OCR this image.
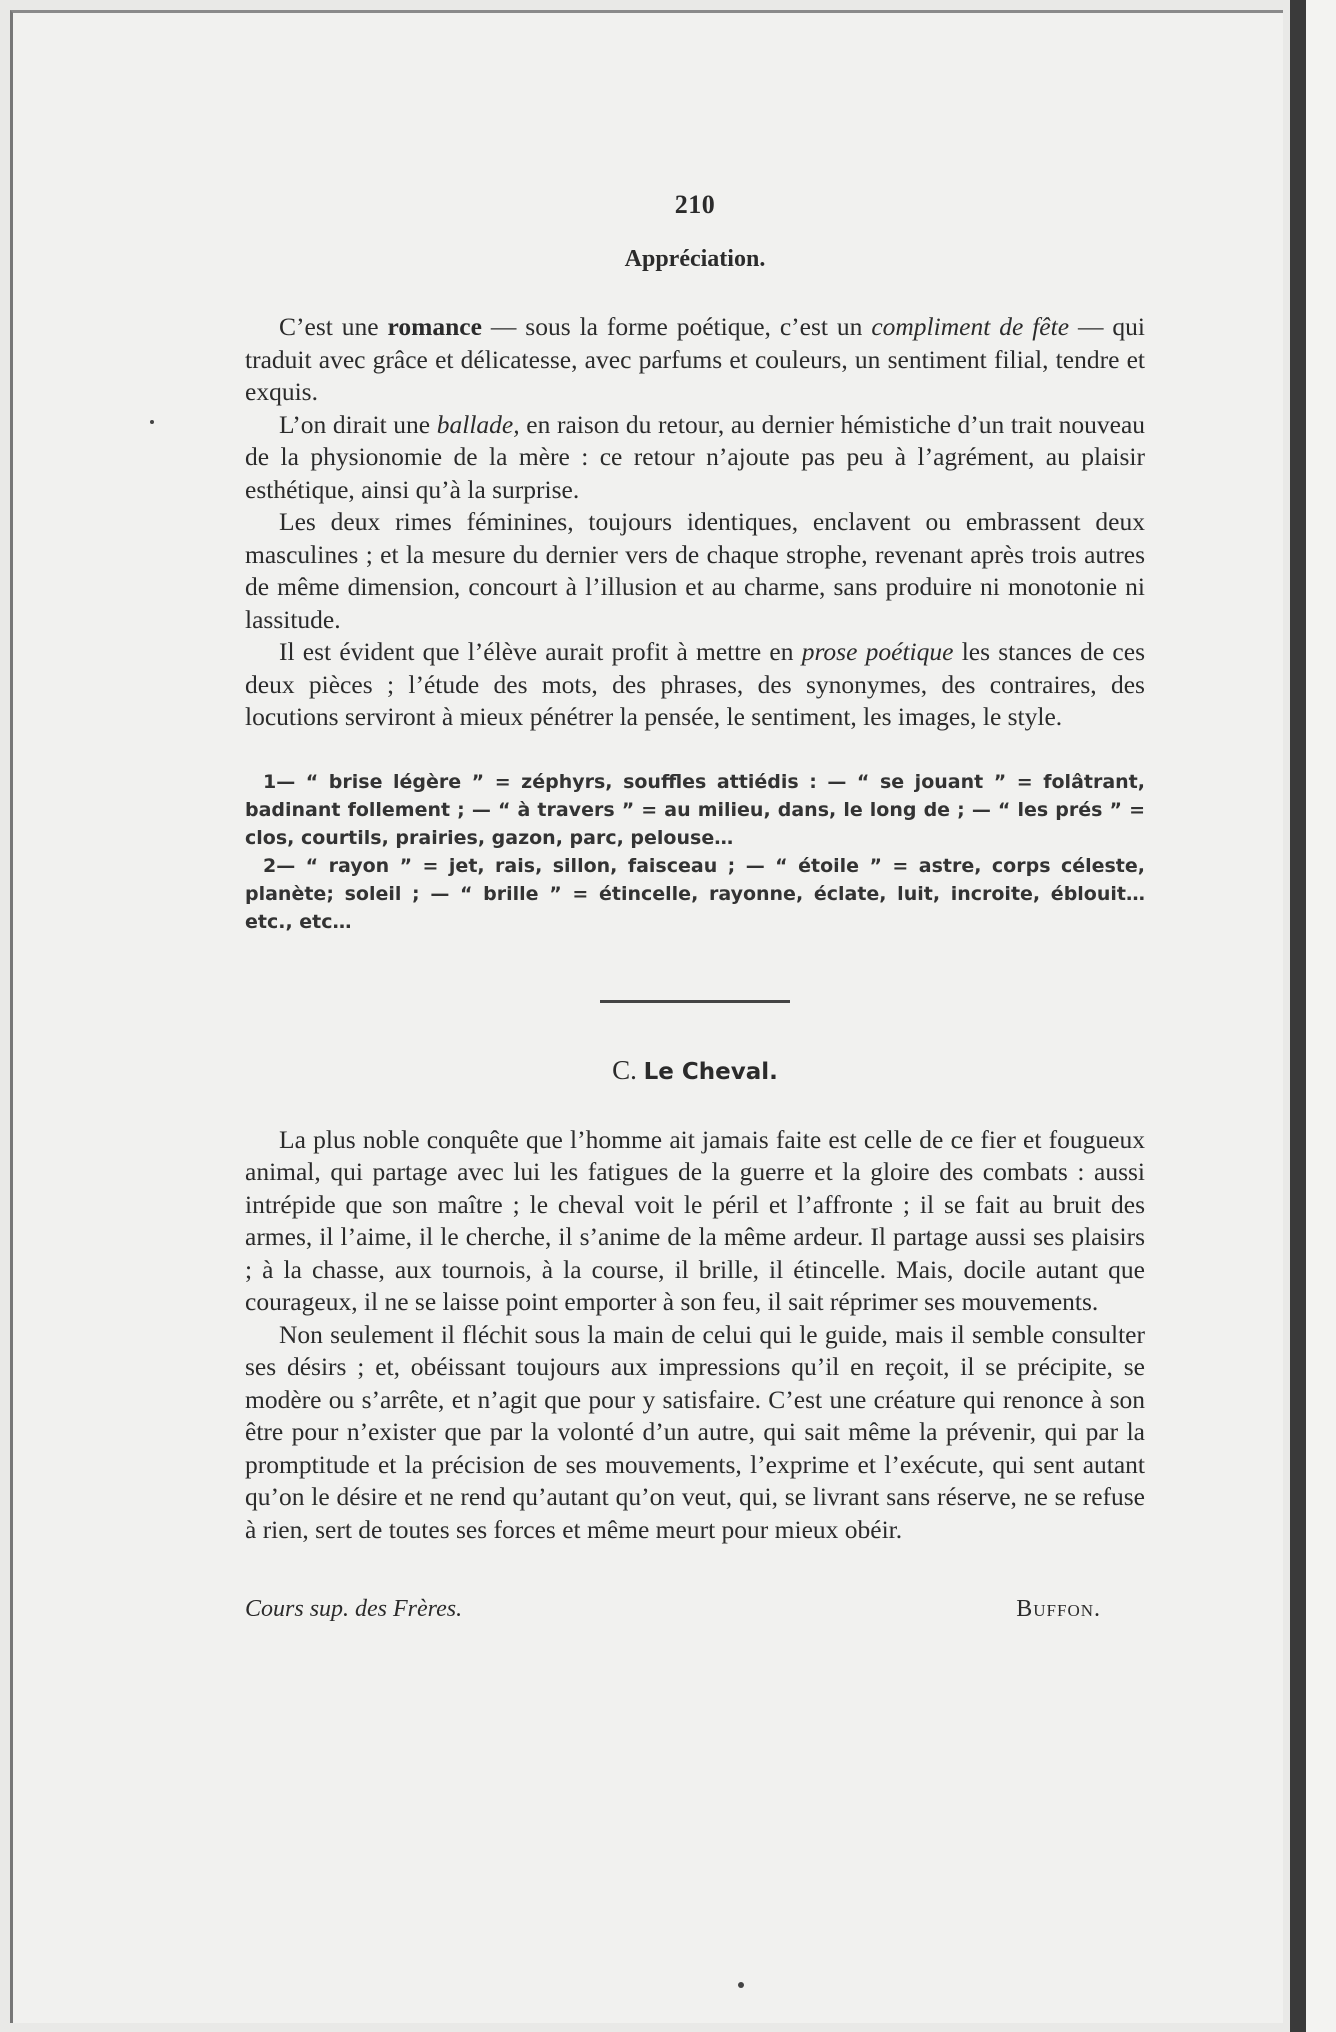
210
Appréciation.

C’est une romance — sous la forme poétique, c’est un compliment de fête — qui traduit avec grâce et délicatesse, avec parfums et couleurs, un sentiment filial, tendre et exquis.

L’on dirait une ballade, en raison du retour, au dernier hémistiche d’un trait nouveau de la physionomie de la mère : ce retour n’ajoute pas peu à l’agrément, au plaisir esthétique, ainsi qu’à la surprise.

Les deux rimes féminines, toujours identiques, enclavent ou embrassent deux masculines ; et la mesure du dernier vers de chaque strophe, revenant après trois autres de même dimension, concourt à l’illusion et au charme, sans produire ni monotonie ni lassitude.

Il est évident que l’élève aurait profit à mettre en prose poétique les stances de ces deux pièces ; l’étude des mots, des phrases, des synonymes, des contraires, des locutions serviront à mieux pénétrer la pensée, le sentiment, les images, le style.

1— “ brise légère ” = zéphyrs, souffles attiédis : — “ se jouant ” = folâtrant, badinant follement ; — “ à travers ” = au milieu, dans, le long de ; — “ les prés ” = clos, courtils, prairies, gazon, parc, pelouse…

2— “ rayon ” = jet, rais, sillon, faisceau ; — “ étoile ” = astre, corps céleste, planète; soleil ; — “ brille ” = étincelle, rayonne, éclate, luit, incroite, éblouit… etc., etc…

C. Le Cheval.

La plus noble conquête que l’homme ait jamais faite est celle de ce fier et fougueux animal, qui partage avec lui les fatigues de la guerre et la gloire des combats : aussi intrépide que son maître ; le cheval voit le péril et l’affronte ; il se fait au bruit des armes, il l’aime, il le cherche, il s’anime de la même ardeur. Il partage aussi ses plaisirs ; à la chasse, aux tournois, à la course, il brille, il étincelle. Mais, docile autant que courageux, il ne se laisse point emporter à son feu, il sait réprimer ses mouvements.

Non seulement il fléchit sous la main de celui qui le guide, mais il semble consulter ses désirs ; et, obéissant toujours aux impressions qu’il en reçoit, il se précipite, se modère ou s’arrête, et n’agit que pour y satisfaire. C’est une créature qui renonce à son être pour n’exister que par la volonté d’un autre, qui sait même la prévenir, qui par la promptitude et la précision de ses mouvements, l’exprime et l’exécute, qui sent autant qu’on le désire et ne rend qu’autant qu’on veut, qui, se livrant sans réserve, ne se refuse à rien, sert de toutes ses forces et même meurt pour mieux obéir.

Cours sup. des Frères.	Buffon.
